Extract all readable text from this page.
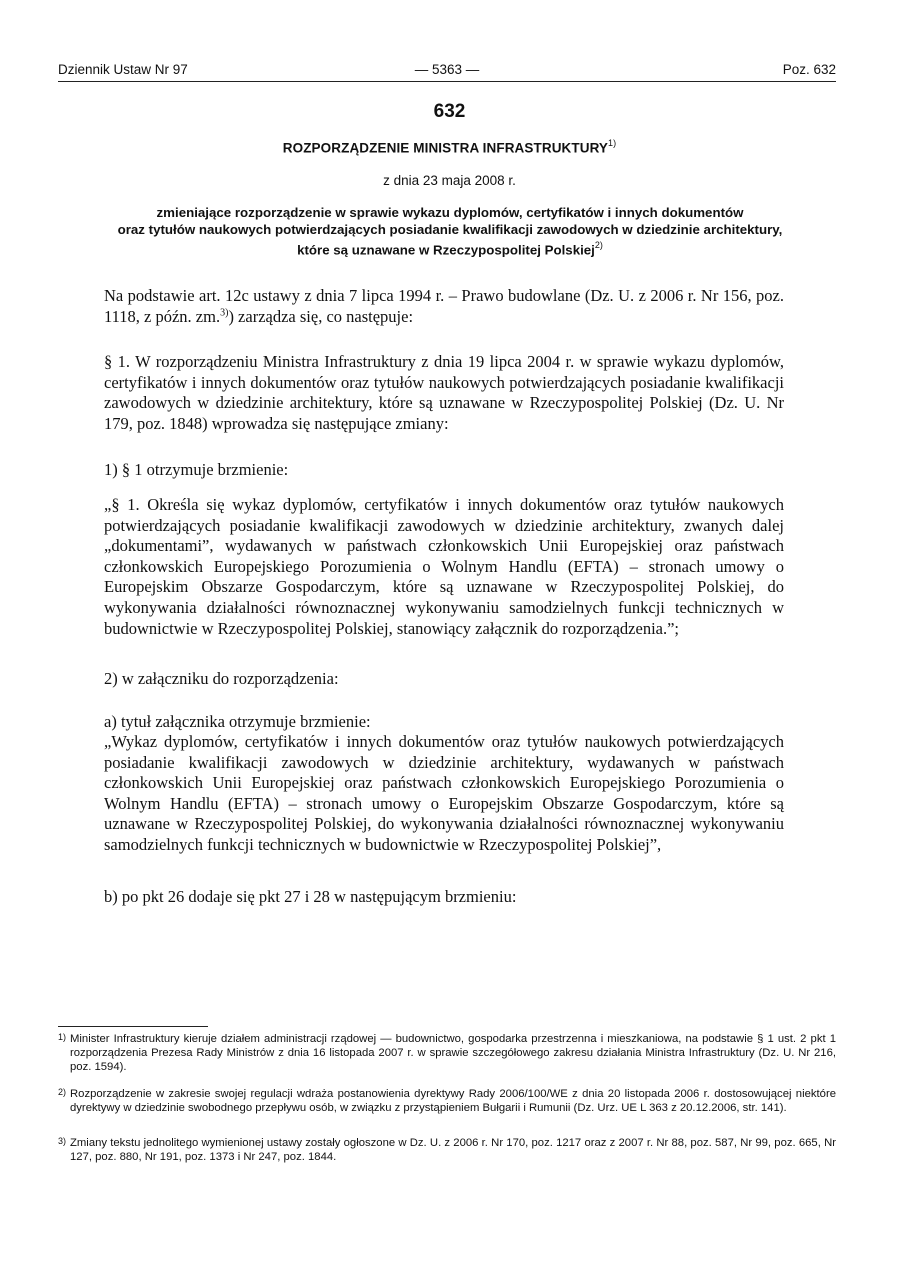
Dziennik Ustaw Nr 97	— 5363 —	Poz. 632
632
ROZPORZĄDZENIE MINISTRA INFRASTRUKTURY$^{1)}$
z dnia 23 maja 2008 r.
zmieniające rozporządzenie w sprawie wykazu dyplomów, certyfikatów i innych dokumentów
oraz tytułów naukowych potwierdzających posiadanie kwalifikacji zawodowych w dziedzinie architektury,
które są uznawane w Rzeczypospolitej Polskiej$^{2)}$
Na podstawie art. 12c ustawy z dnia 7 lipca 1994 r. – Prawo budowlane (Dz. U. z 2006 r. Nr 156, poz. 1118, z późn. zm.$^{3)}$) zarządza się, co następuje:
§ 1. W rozporządzeniu Ministra Infrastruktury z dnia 19 lipca 2004 r. w sprawie wykazu dyplomów, certyfikatów i innych dokumentów oraz tytułów naukowych potwierdzających posiadanie kwalifikacji zawodowych w dziedzinie architektury, które są uznawane w Rzeczypospolitej Polskiej (Dz. U. Nr 179, poz. 1848) wprowadza się następujące zmiany:
1) § 1 otrzymuje brzmienie:
„§ 1. Określa się wykaz dyplomów, certyfikatów i innych dokumentów oraz tytułów naukowych potwierdzających posiadanie kwalifikacji zawodowych w dziedzinie architektury, zwanych dalej „dokumentami”, wydawanych w państwach członkowskich Unii Europejskiej oraz państwach członkowskich Europejskiego Porozumienia o Wolnym Handlu (EFTA) – stronach umowy o Europejskim Obszarze Gospodarczym, które są uznawane w Rzeczypospolitej Polskiej, do wykonywania działalności równoznacznej wykonywaniu samodzielnych funkcji technicznych w budownictwie w Rzeczypospolitej Polskiej, stanowiący załącznik do rozporządzenia.”;
2) w załączniku do rozporządzenia:
a) tytuł załącznika otrzymuje brzmienie:
„Wykaz dyplomów, certyfikatów i innych dokumentów oraz tytułów naukowych potwierdzających posiadanie kwalifikacji zawodowych w dziedzinie architektury, wydawanych w państwach członkowskich Unii Europejskiej oraz państwach członkowskich Europejskiego Porozumienia o Wolnym Handlu (EFTA) – stronach umowy o Europejskim Obszarze Gospodarczym, które są uznawane w Rzeczypospolitej Polskiej, do wykonywania działalności równoznacznej wykonywaniu samodzielnych funkcji technicznych w budownictwie w Rzeczypospolitej Polskiej”,
b) po pkt 26 dodaje się pkt 27 i 28 w następującym brzmieniu:
1) Minister Infrastruktury kieruje działem administracji rządowej — budownictwo, gospodarka przestrzenna i mieszkaniowa, na podstawie § 1 ust. 2 pkt 1 rozporządzenia Prezesa Rady Ministrów z dnia 16 listopada 2007 r. w sprawie szczegółowego zakresu działania Ministra Infrastruktury (Dz. U. Nr 216, poz. 1594).
2) Rozporządzenie w zakresie swojej regulacji wdraża postanowienia dyrektywy Rady 2006/100/WE z dnia 20 listopada 2006 r. dostosowującej niektóre dyrektywy w dziedzinie swobodnego przepływu osób, w związku z przystąpieniem Bułgarii i Rumunii (Dz. Urz. UE L 363 z 20.12.2006, str. 141).
3) Zmiany tekstu jednolitego wymienionej ustawy zostały ogłoszone w Dz. U. z 2006 r. Nr 170, poz. 1217 oraz z 2007 r. Nr 88, poz. 587, Nr 99, poz. 665, Nr 127, poz. 880, Nr 191, poz. 1373 i Nr 247, poz. 1844.
